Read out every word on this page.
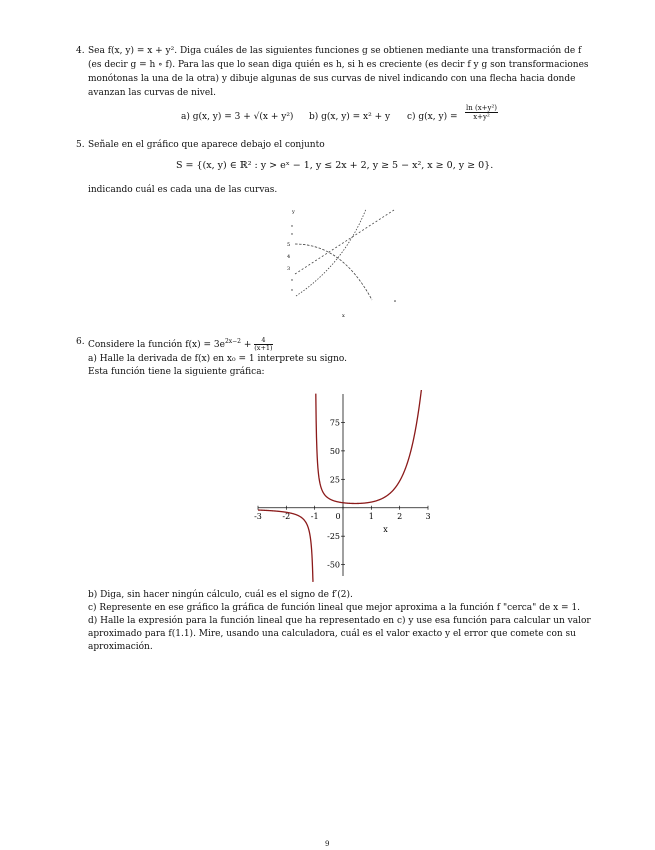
4. Sea f(x, y) = x + y². Diga cuáles de las siguientes funciones g se obtienen mediante una transformación de f
(es decir g = h ∘ f). Para las que lo sean diga quién es h, si h es creciente (es decir f y g son transformaciones
monótonas la una de la otra) y dibuje algunas de sus curvas de nivel indicando con una flecha hacia donde
avanzan las curvas de nivel.
a) g(x, y) = 3 + √(x + y²) b) g(x, y) = x² + y c) g(x, $y) = \frac{\text{ln (x+y²)}}{\text{x+y²}}$
5. Señale en el gráfico que aparece debajo el conjunto
S = {(x, y) ∈ ℝ² : y > eˣ − 1, y ≤ 2x + 2, y ≥ 5 − x², x ≥ 0, y ≥ 0}.
indicando cuál es cada una de las curvas.
y
x
5
4
3
6. Considere la función $f(x) = 3e^{2x-2} + \frac{4}{(x+1)}$
a) Halle la derivada de f(x) en x₀ = 1 interprete su signo.
Esta función tiene la siguiente gráfica:
-3	-2	-1 0	1	2	3
75
50
25
-25
-50
x
b) Diga, sin hacer ningún cálculo, cuál es el signo de f′(2).
c) Represente en ese gráfico la gráfica de función lineal que mejor aproxima a la función f "cerca" de x = 1.
d) Halle la expresión para la función lineal que ha representado en c) y use esa función para calcular un valor
aproximado para f(1.1). Mire, usando una calculadora, cuál es el valor exacto y el error que comete con su
aproximación.
9
